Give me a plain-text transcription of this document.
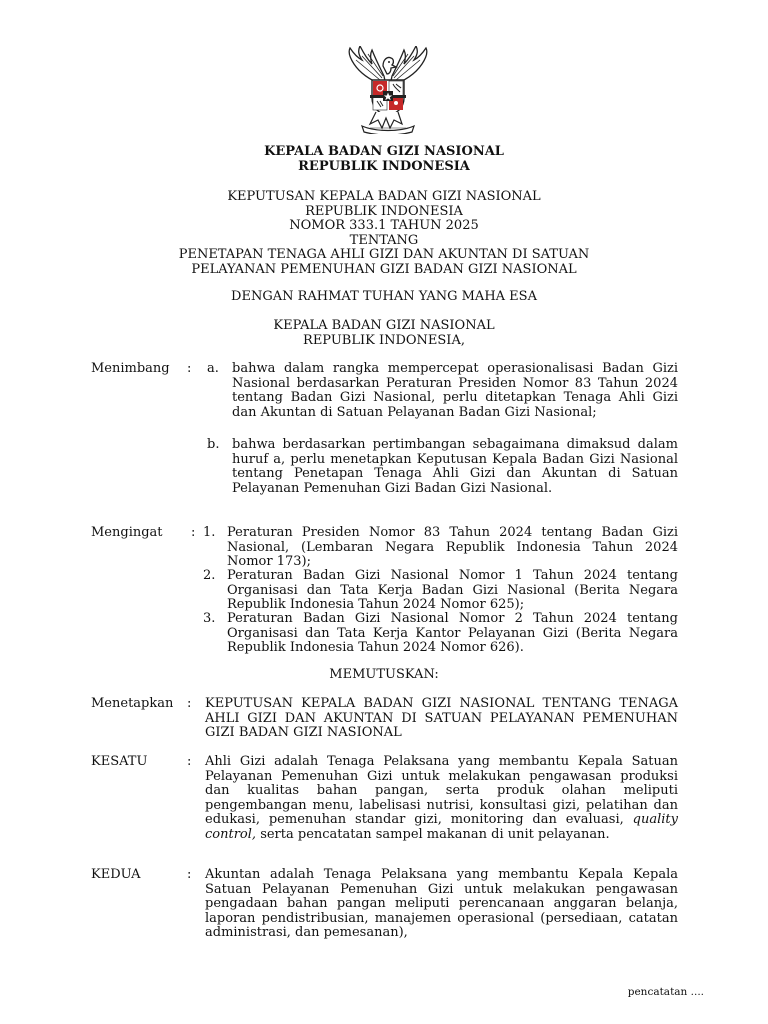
KEPALA BADAN GIZI NASIONAL
REPUBLIK INDONESIA
KEPUTUSAN KEPALA BADAN GIZI NASIONAL
REPUBLIK INDONESIA
NOMOR 333.1 TAHUN 2025
TENTANG
PENETAPAN TENAGA AHLI GIZI DAN AKUNTAN DI SATUAN
PELAYANAN PEMENUHAN GIZI BADAN GIZI NASIONAL
DENGAN RAHMAT TUHAN YANG MAHA ESA
KEPALA BADAN GIZI NASIONAL
REPUBLIK INDONESIA,
Menimbang : a. bahwa dalam rangka mempercepat operasionalisasi Badan Gizi Nasional berdasarkan Peraturan Presiden Nomor 83 Tahun 2024 tentang Badan Gizi Nasional, perlu ditetapkan Tenaga Ahli Gizi dan Akuntan di Satuan Pelayanan Badan Gizi Nasional;
b. bahwa berdasarkan pertimbangan sebagaimana dimaksud dalam huruf a, perlu menetapkan Keputusan Kepala Badan Gizi Nasional tentang Penetapan Tenaga Ahli Gizi dan Akuntan di Satuan Pelayanan Pemenuhan Gizi Badan Gizi Nasional.
Mengingat : 1. Peraturan Presiden Nomor 83 Tahun 2024 tentang Badan Gizi Nasional, (Lembaran Negara Republik Indonesia Tahun 2024 Nomor 173);
2. Peraturan Badan Gizi Nasional Nomor 1 Tahun 2024 tentang Organisasi dan Tata Kerja Badan Gizi Nasional (Berita Negara Republik Indonesia Tahun 2024 Nomor 625);
3. Peraturan Badan Gizi Nasional Nomor 2 Tahun 2024 tentang Organisasi dan Tata Kerja Kantor Pelayanan Gizi (Berita Negara Republik Indonesia Tahun 2024 Nomor 626).
MEMUTUSKAN:
Menetapkan : KEPUTUSAN KEPALA BADAN GIZI NASIONAL TENTANG TENAGA AHLI GIZI DAN AKUNTAN DI SATUAN PELAYANAN PEMENUHAN GIZI BADAN GIZI NASIONAL
KESATU	: Ahli Gizi adalah Tenaga Pelaksana yang membantu Kepala Satuan Pelayanan Pemenuhan Gizi untuk melakukan pengawasan produksi dan kualitas bahan pangan, serta produk olahan meliputi pengembangan menu, labelisasi nutrisi, konsultasi gizi, pelatihan dan edukasi, pemenuhan standar gizi, monitoring dan evaluasi, quality control, serta pencatatan sampel makanan di unit pelayanan.
KEDUA	: Akuntan adalah Tenaga Pelaksana yang membantu Kepala Kepala Satuan Pelayanan Pemenuhan Gizi untuk melakukan pengawasan pengadaan bahan pangan meliputi perencanaan anggaran belanja, laporan pendistribusian, manajemen operasional (persediaan, catatan administrasi, dan pemesanan),
pencatatan ....
